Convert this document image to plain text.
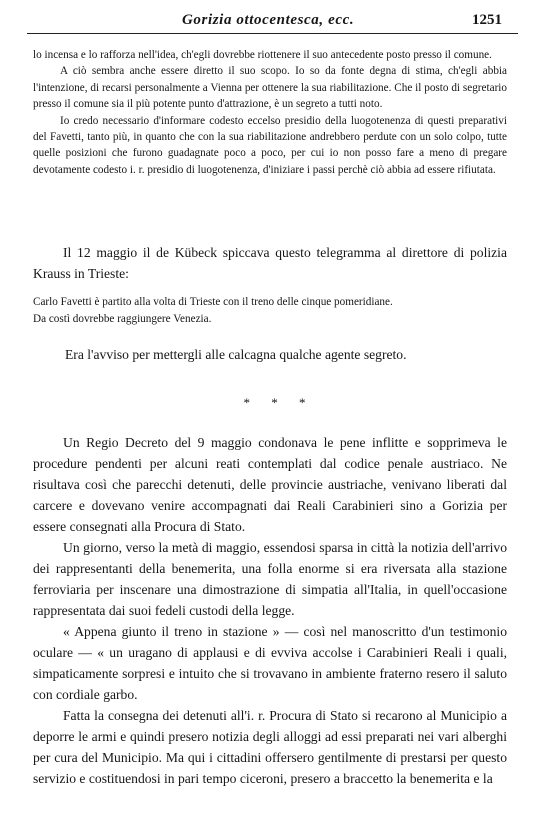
Gorizia ottocentesca, ecc.	1251

lo incensa e lo rafforza nell'idea, ch'egli dovrebbe riottenere il suo antecedente posto presso il comune.

A ciò sembra anche essere diretto il suo scopo. Io so da fonte degna di stima, ch'egli abbia l'intenzione, di recarsi personalmente a Vienna per ottenere la sua riabilitazione. Che il posto di segretario presso il comune sia il più potente punto d'attrazione, è un segreto a tutti noto.

Io credo necessario d'informare codesto eccelso presidio della luogotenenza di questi preparativi del Favetti, tanto più, in quanto che con la sua riabilitazione andrebbero perdute con un solo colpo, tutte quelle posizioni che furono guadagnate poco a poco, per cui io non posso fare a meno di pregare devotamente codesto i. r. presidio di luogotenenza, d'iniziare i passi perchè ciò abbia ad essere rifiutata.

Il 12 maggio il de Kübeck spiccava questo telegramma al direttore di polizia Krauss in Trieste:

Carlo Favetti è partito alla volta di Trieste con il treno delle cinque pomeridiane.

Da costì dovrebbe raggiungere Venezia.

Era l'avviso per mettergli alle calcagna qualche agente segreto.

* * *

Un Regio Decreto del 9 maggio condonava le pene inflitte e sopprimeva le procedure pendenti per alcuni reati contemplati dal codice penale austriaco. Ne risultava così che parecchi detenuti, delle provincie austriache, venivano liberati dal carcere e dovevano venire accompagnati dai Reali Carabinieri sino a Gorizia per essere consegnati alla Procura di Stato.

Un giorno, verso la metà di maggio, essendosi sparsa in città la notizia dell'arrivo dei rappresentanti della benemerita, una folla enorme si era riversata alla stazione ferroviaria per inscenare una dimostrazione di simpatia all'Italia, in quell'occasione rappresentata dai suoi fedeli custodi della legge.

« Appena giunto il treno in stazione » — così nel manoscritto d'un testimonio oculare — « un uragano di applausi e di evviva accolse i Carabinieri Reali i quali, simpaticamente sorpresi e intuito che si trovavano in ambiente fraterno resero il saluto con cordiale garbo.

Fatta la consegna dei detenuti all'i. r. Procura di Stato si recarono al Municipio a deporre le armi e quindi presero notizia degli alloggi ad essi preparati nei vari alberghi per cura del Municipio. Ma qui i cittadini offersero gentilmente di prestarsi per questo servizio e costituendosi in pari tempo ciceroni, presero a braccetto la benemerita e la
